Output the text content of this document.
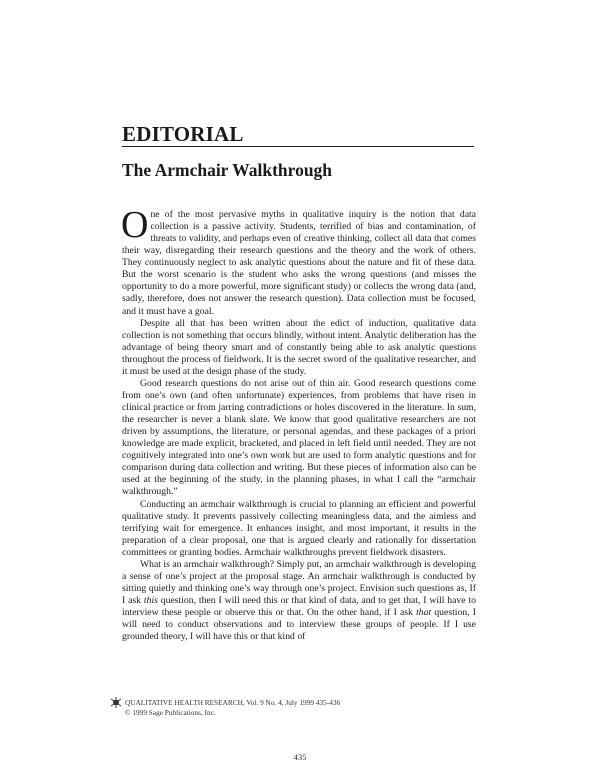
EDITORIAL
The Armchair Walkthrough

One of the most pervasive myths in qualitative inquiry is the notion that data collection is a passive activity. Students, terrified of bias and contamination, of threats to validity, and perhaps even of creative thinking, collect all data that comes their way, disregarding their research questions and the theory and the work of others. They continuously neglect to ask analytic questions about the nature and fit of these data. But the worst scenario is the student who asks the wrong questions (and misses the opportunity to do a more powerful, more significant study) or collects the wrong data (and, sadly, therefore, does not answer the research question). Data collection must be focused, and it must have a goal.

Despite all that has been written about the edict of induction, qualitative data collection is not something that occurs blindly, without intent. Analytic deliberation has the advantage of being theory smart and of constantly being able to ask analytic questions throughout the process of fieldwork. It is the secret sword of the qualitative researcher, and it must be used at the design phase of the study.

Good research questions do not arise out of thin air. Good research questions come from one’s own (and often unfortunate) experiences, from problems that have risen in clinical practice or from jarring contradictions or holes discovered in the literature. In sum, the researcher is never a blank slate. We know that good qualitative researchers are not driven by assumptions, the literature, or personal agendas, and these packages of a priori knowledge are made explicit, bracketed, and placed in left field until needed. They are not cognitively integrated into one’s own work but are used to form analytic questions and for comparison during data collection and writing. But these pieces of information also can be used at the beginning of the study, in the planning phases, in what I call the “armchair walkthrough.”

Conducting an armchair walkthrough is crucial to planning an efficient and powerful qualitative study. It prevents passively collecting meaningless data, and the aimless and terrifying wait for emergence. It enhances insight, and most important, it results in the preparation of a clear proposal, one that is argued clearly and rationally for dissertation committees or granting bodies. Armchair walkthroughs prevent fieldwork disasters.

What is an armchair walkthrough? Simply put, an armchair walkthrough is developing a sense of one’s project at the proposal stage. An armchair walkthrough is conducted by sitting quietly and thinking one’s way through one’s project. Envision such questions as, If I ask this question, then I will need this or that kind of data, and to get that, I will have to interview these people or observe this or that. On the other hand, if I ask that question, I will need to conduct observations and to interview these groups of people. If I use grounded theory, I will have this or that kind of

QUALITATIVE HEALTH RESEARCH, Vol. 9 No. 4, July 1999 435-436
© 1999 Sage Publications, Inc.
435
